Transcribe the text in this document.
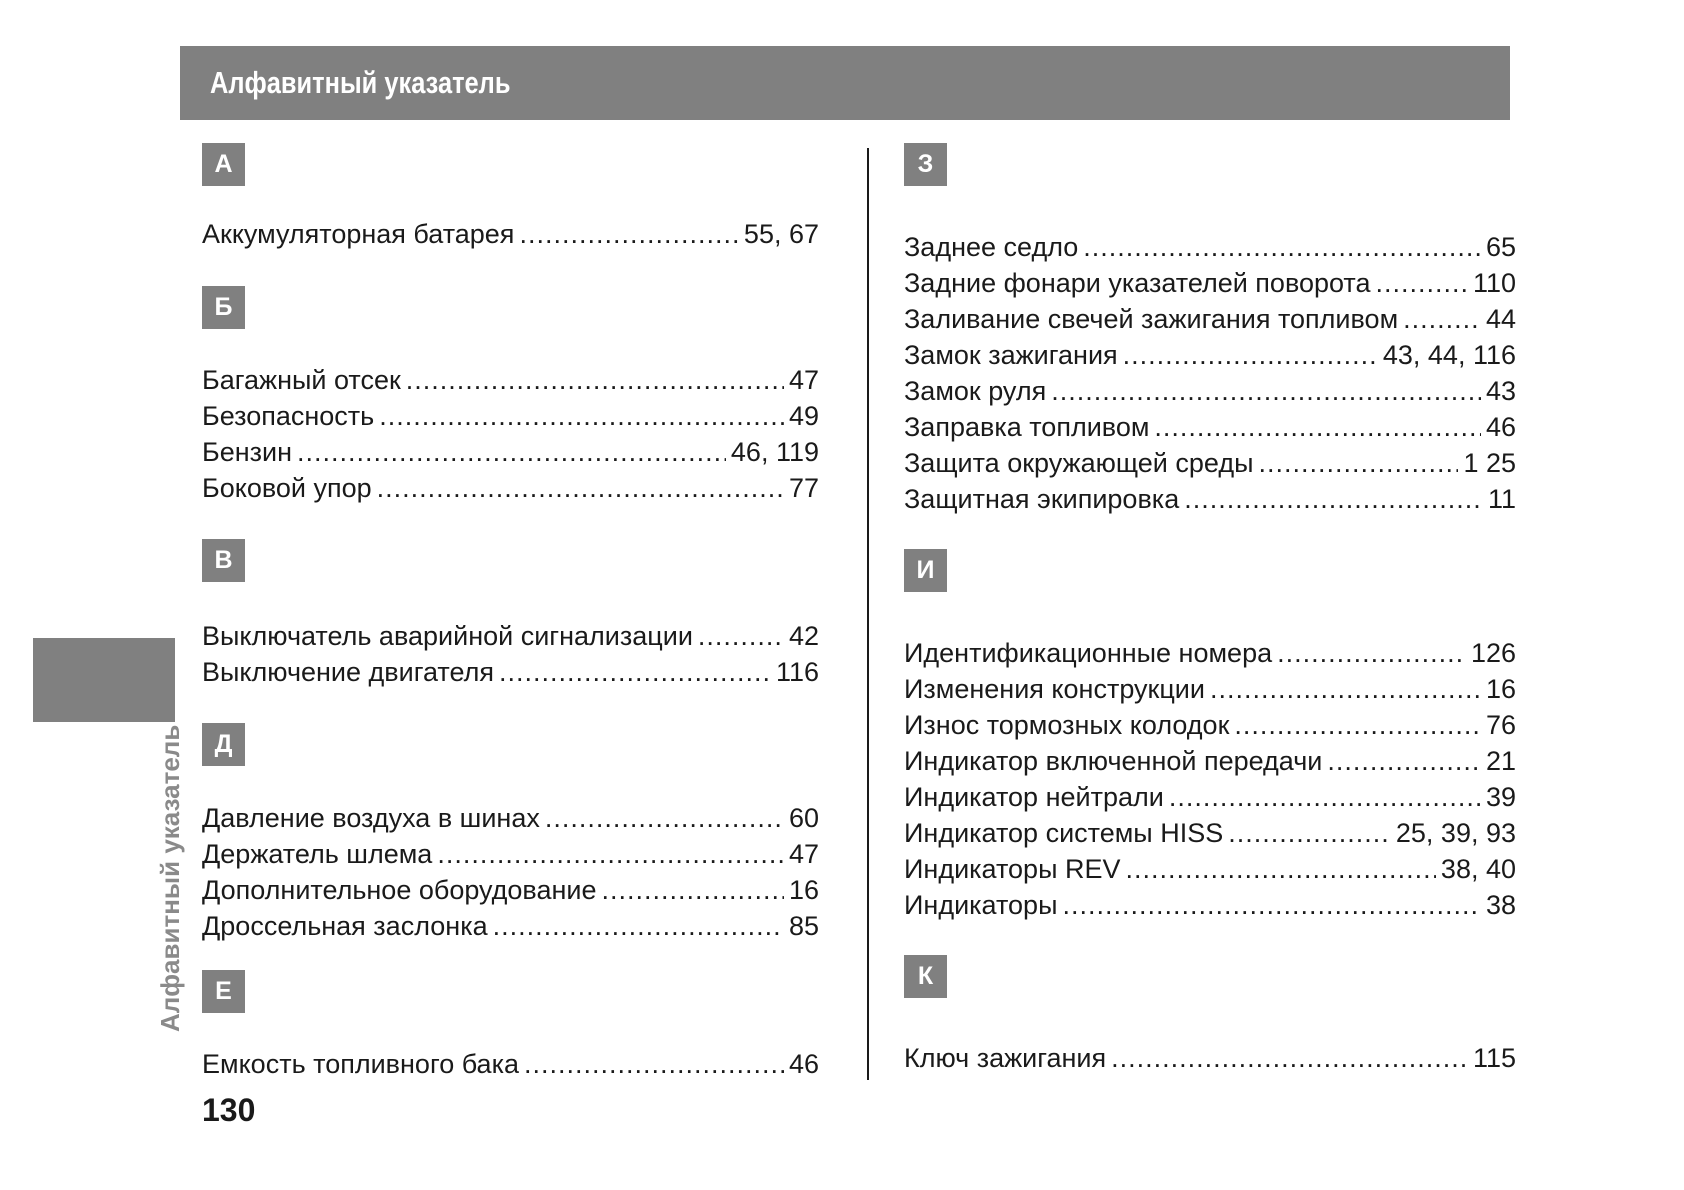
Алфавитный указатель
Алфавитный указатель
А
Аккумуляторная батарея .....	55, 67
Б
Багажный отсек .....	47
Безопасность .....	49
Бензин .....	46, 119
Боковой упор .....	77
В
Выключатель аварийной сигнализации .....	42
Выключение двигателя .....	116
Д
Давление воздуха в шинах .....	60
Держатель шлема .....	47
Дополнительное оборудование .....	16
Дроссельная заслонка .....	85
Е
Емкость топливного бака .....	46
З
Заднее седло .....	65
Задние фонари указателей поворота .....	110
Заливание свечей зажигания топливом .....	44
Замок зажигания .....	43, 44, 116
Замок руля .....	43
Заправка топливом .....	46
Защита окружающей среды .....	1 25
Защитная экипировка .....	11
И
Идентификационные номера .....	126
Изменения конструкции .....	16
Износ тормозных колодок .....	76
Индикатор включенной передачи .....	21
Индикатор нейтрали .....	39
Индикатор системы HISS .....	25, 39, 93
Индикаторы REV .....	38, 40
Индикаторы .....	38
К
Ключ зажигания .....	115
130
